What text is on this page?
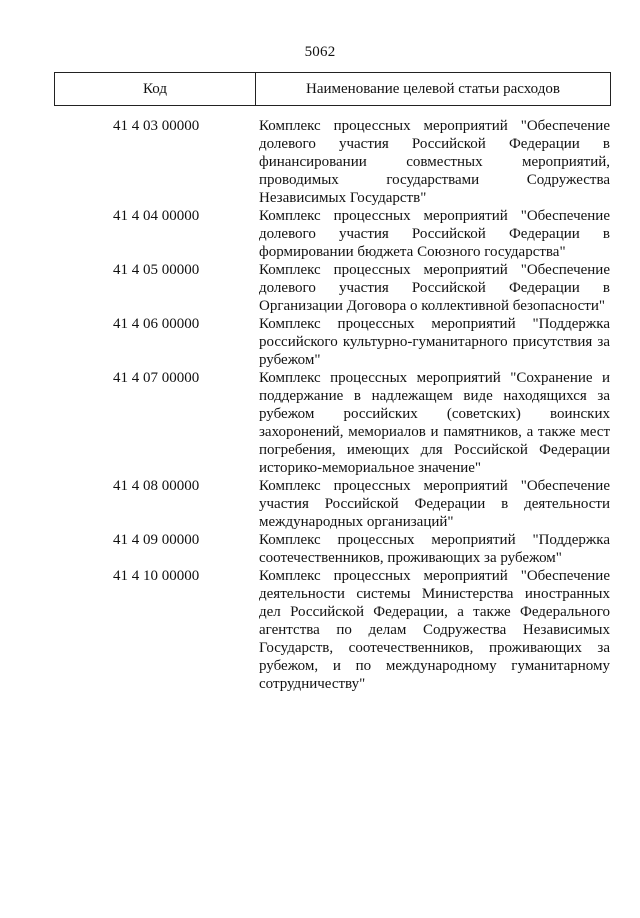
5062
Код	Наименование целевой статьи расходов
41 4 03 00000	Комплекс процессных мероприятий "Обеспечение долевого участия Российской Федерации в финансировании совместных мероприятий, проводимых государствами Содружества Независимых Государств"
41 4 04 00000	Комплекс процессных мероприятий "Обеспечение долевого участия Российской Федерации в формировании бюджета Союзного государства"
41 4 05 00000	Комплекс процессных мероприятий "Обеспечение долевого участия Российской Федерации в Организации Договора о коллективной безопасности"
41 4 06 00000	Комплекс процессных мероприятий "Поддержка российского культурно-гуманитарного присутствия за рубежом"
41 4 07 00000	Комплекс процессных мероприятий "Сохранение и поддержание в надлежащем виде находящихся за рубежом российских (советских) воинских захоронений, мемориалов и памятников, а также мест погребения, имеющих для Российской Федерации историко-мемориальное значение"
41 4 08 00000	Комплекс процессных мероприятий "Обеспечение участия Российской Федерации в деятельности международных организаций"
41 4 09 00000	Комплекс процессных мероприятий "Поддержка соотечественников, проживающих за рубежом"
41 4 10 00000	Комплекс процессных мероприятий "Обеспечение деятельности системы Министерства иностранных дел Российской Федерации, а также Федерального агентства по делам Содружества Независимых Государств, соотечественников, проживающих за рубежом, и по международному гуманитарному сотрудничеству"
